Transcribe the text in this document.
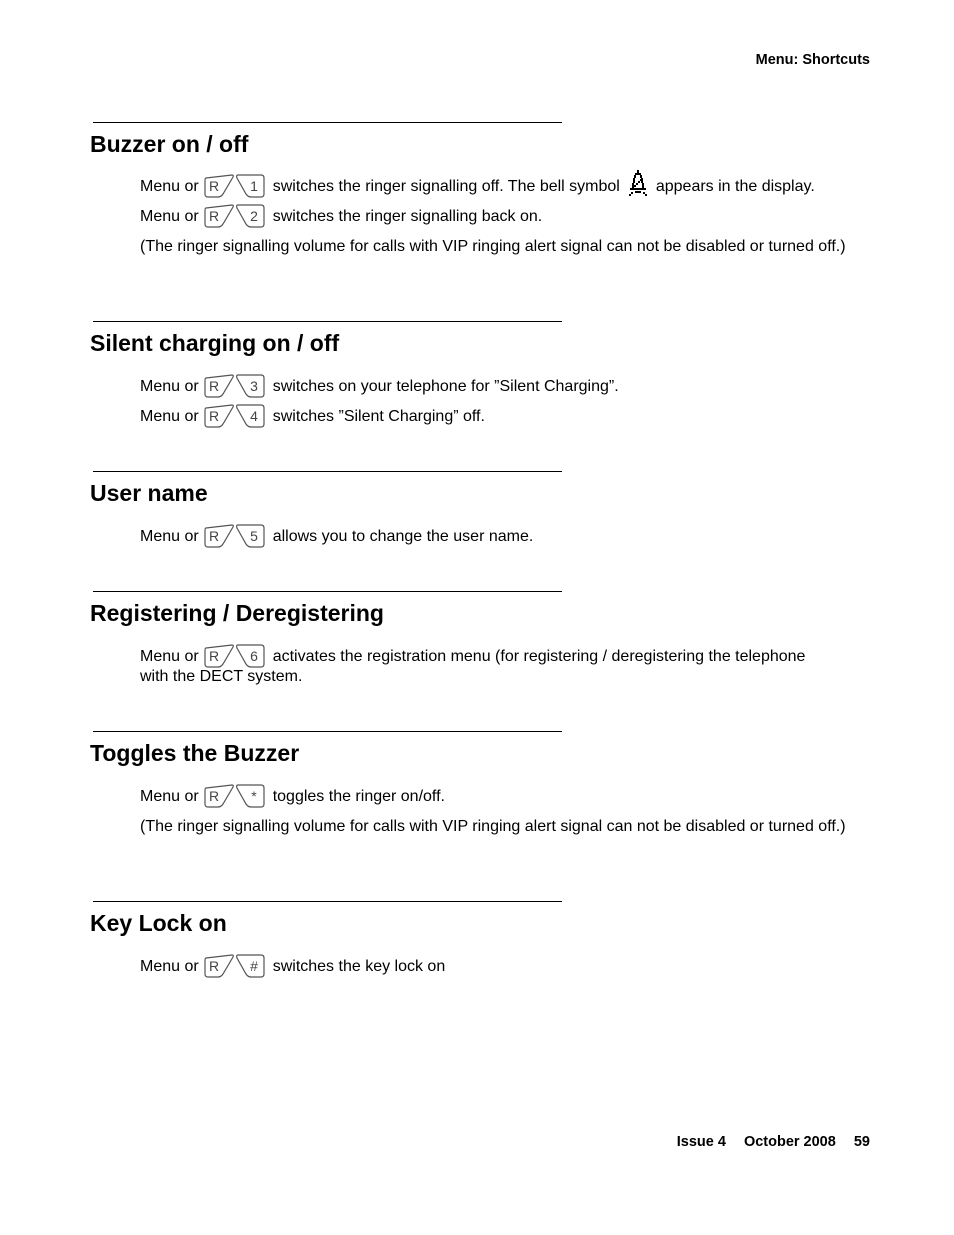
Menu: Shortcuts
Buzzer on / off
Menu or R 1 switches the ringer signalling off. The bell symbol appears in the display.
Menu or R 2 switches the ringer signalling back on.

(The ringer signalling volume for calls with VIP ringing alert signal can not be disabled or turned off.)

Silent charging on / off
Menu or R 3 switches on your telephone for ”Silent Charging”.
Menu or R 4 switches ”Silent Charging” off.
User name
Menu or R 5 allows you to change the user name.
Registering / Deregistering
Menu or R 6 activates the registration menu (for registering / deregistering the telephone
with the DECT system.
Toggles the Buzzer
Menu or R * toggles the ringer on/off.

(The ringer signalling volume for calls with VIP ringing alert signal can not be disabled or turned off.)

Key Lock on
Menu or R # switches the key lock on
Issue 4 October 2008 59
